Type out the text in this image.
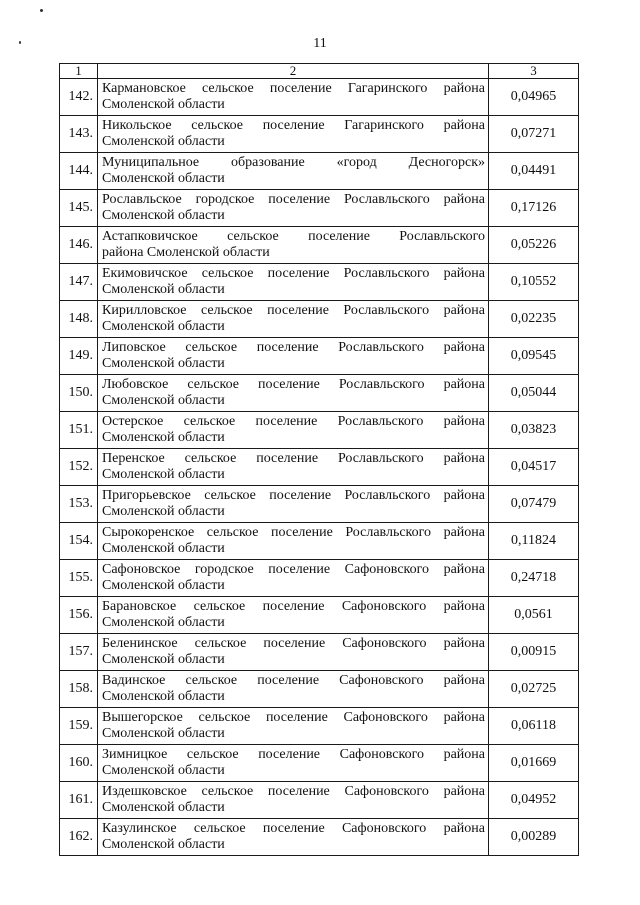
11
1	2	3
142.	Кармановское сельское поселение Гагаринского района
Смоленской области	0,04965
143.	Никольское сельское поселение Гагаринского района
Смоленской области	0,07271
144.	Муниципальное образование «город Десногорск»
Смоленской области	0,04491
145.	Рославльское городское поселение Рославльского района
Смоленской области	0,17126
146.	Астапковичское сельское поселение Рославльского
района Смоленской области	0,05226
147.	Екимовичское сельское поселение Рославльского района
Смоленской области	0,10552
148.	Кирилловское сельское поселение Рославльского района
Смоленской области	0,02235
149.	Липовское сельское поселение Рославльского района
Смоленской области	0,09545
150.	Любовское сельское поселение Рославльского района
Смоленской области	0,05044
151.	Остерское сельское поселение Рославльского района
Смоленской области	0,03823
152.	Перенское сельское поселение Рославльского района
Смоленской области	0,04517
153.	Пригорьевское сельское поселение Рославльского района
Смоленской области	0,07479
154.	Сырокоренское сельское поселение Рославльского района
Смоленской области	0,11824
155.	Сафоновское городское поселение Сафоновского района
Смоленской области	0,24718
156.	Барановское сельское поселение Сафоновского района
Смоленской области	0,0561
157.	Беленинское сельское поселение Сафоновского района
Смоленской области	0,00915
158.	Вадинское сельское поселение Сафоновского района
Смоленской области	0,02725
159.	Вышегорское сельское поселение Сафоновского района
Смоленской области	0,06118
160.	Зимницкое сельское поселение Сафоновского района
Смоленской области	0,01669
161.	Издешковское сельское поселение Сафоновского района
Смоленской области	0,04952
162.	Казулинское сельское поселение Сафоновского района
Смоленской области	0,00289
